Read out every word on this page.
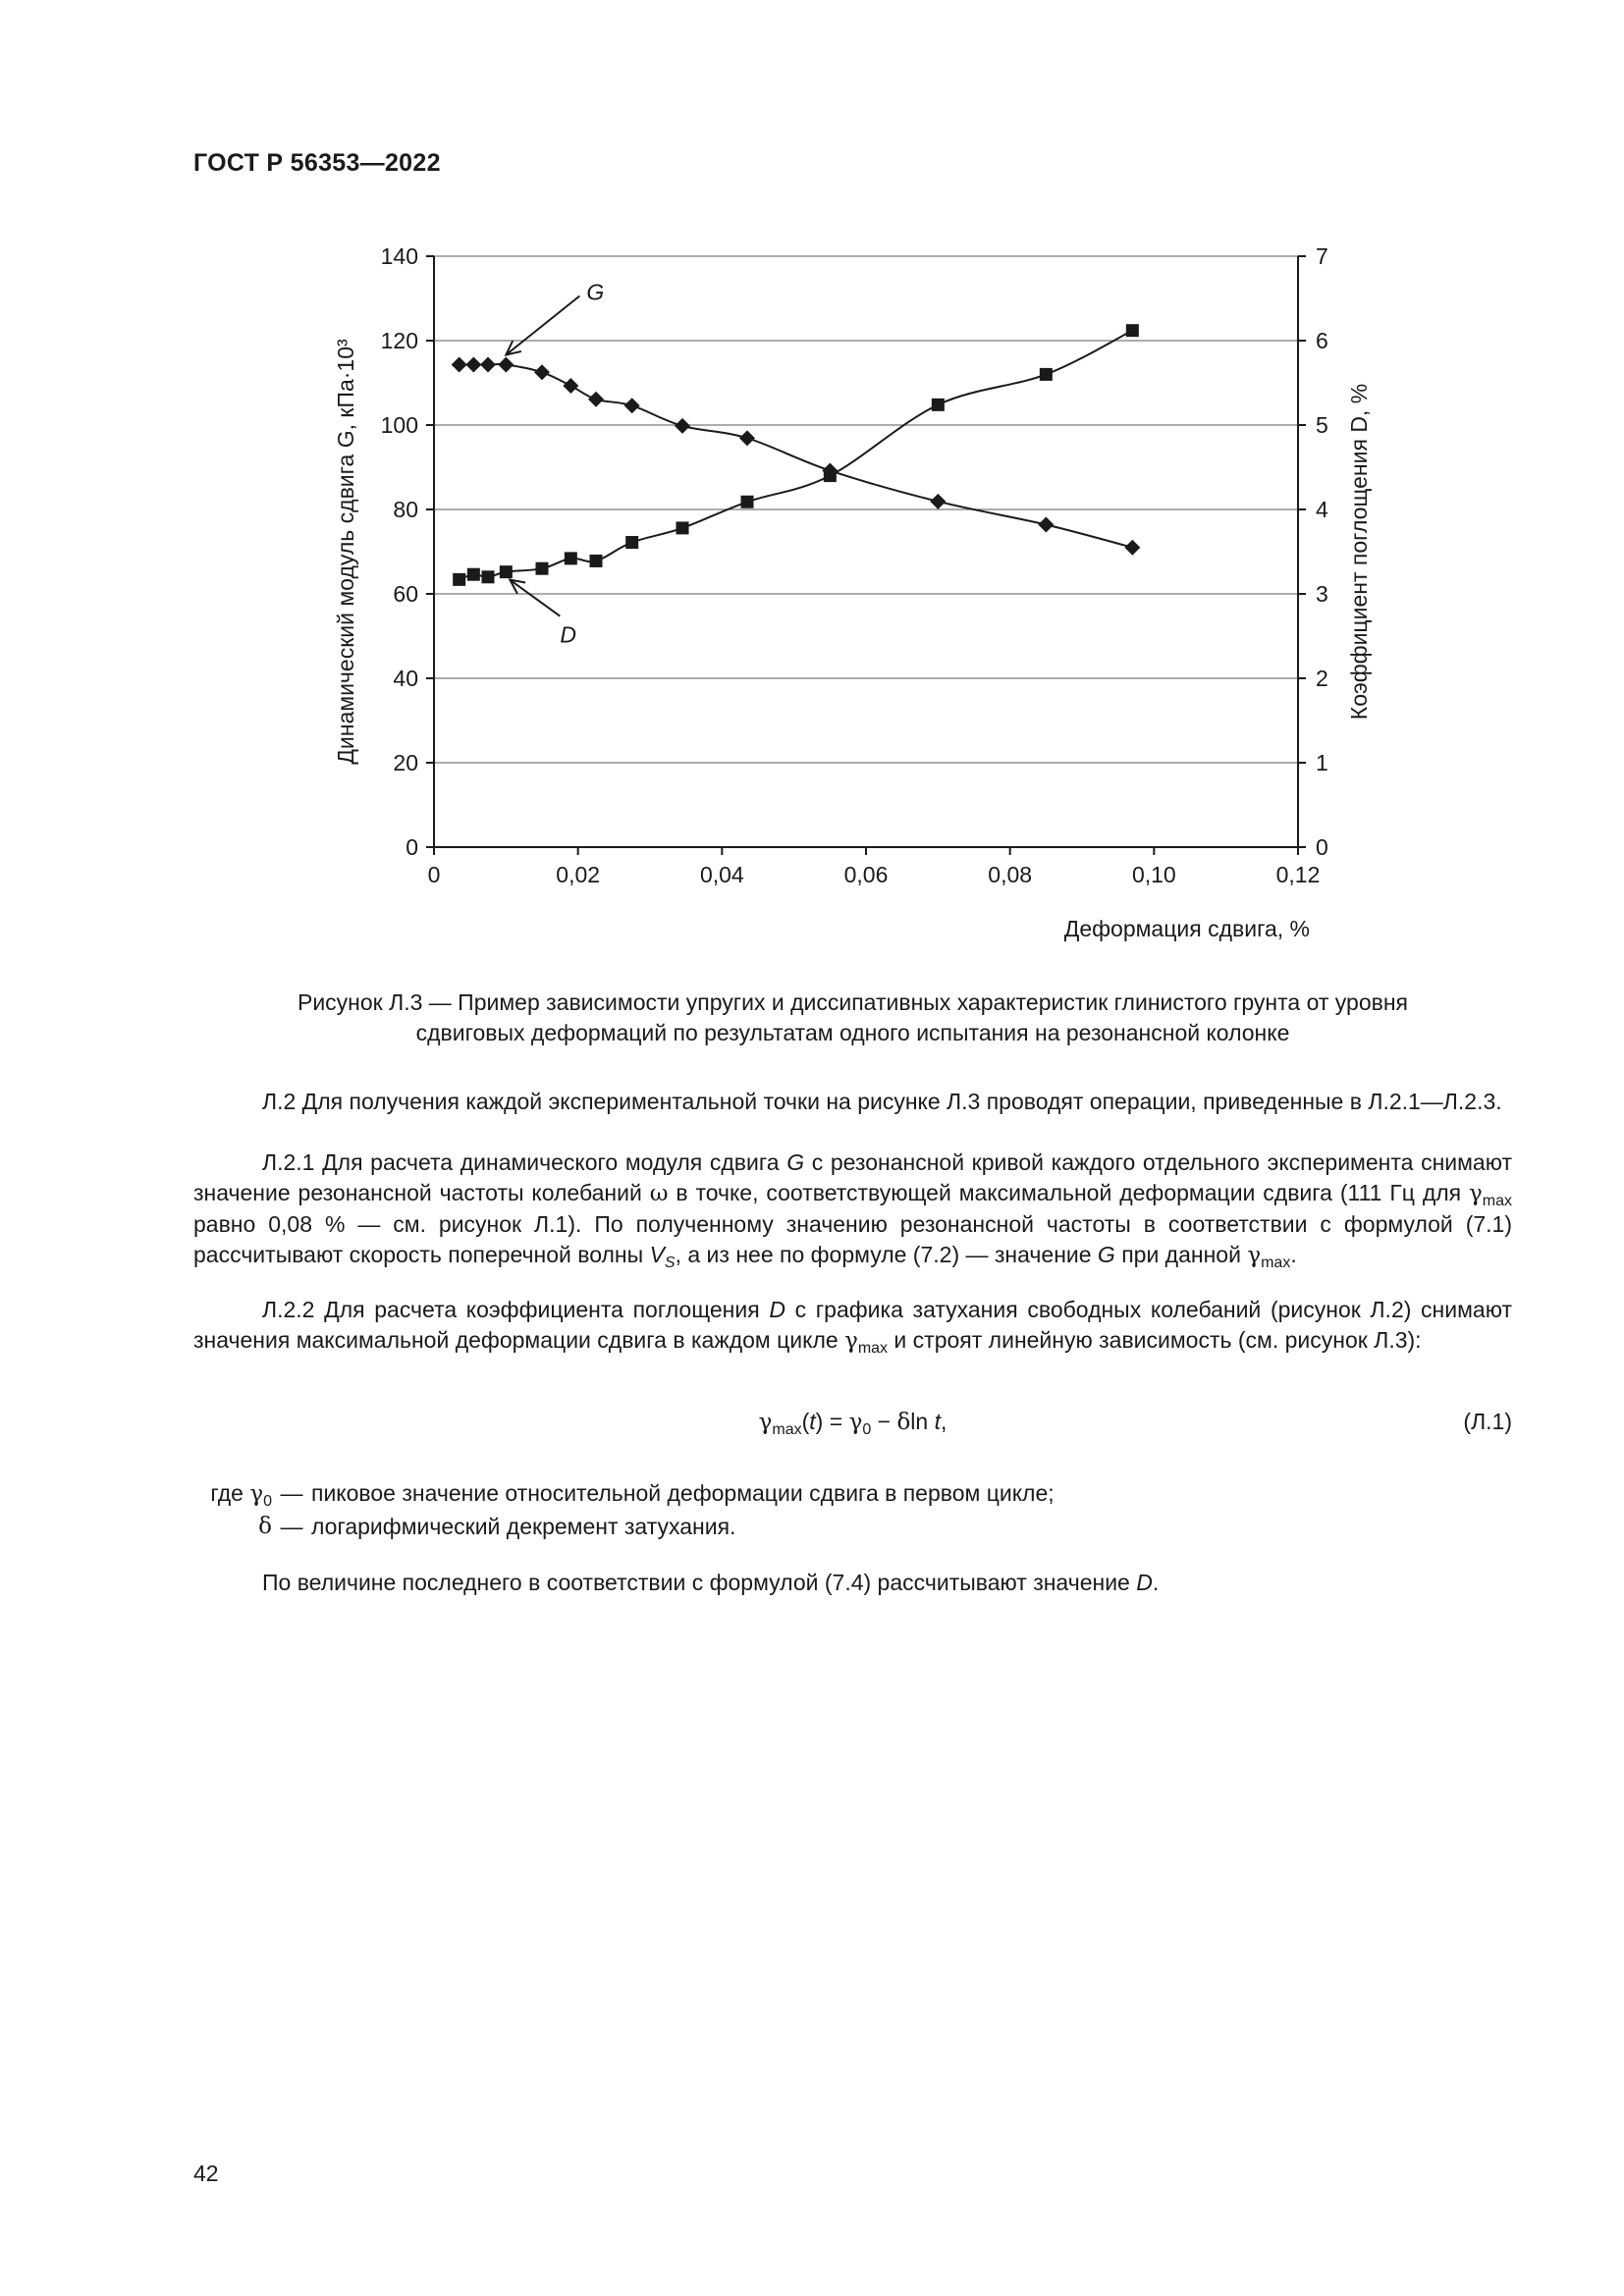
ГОСТ Р 56353—2022
0
20
40
60
80
100
120
140
0
1
2
3
4
5
6
7
0	0,02	0,04	0,06	0,08	0,10	0,12
G
D
Деформация сдвига, %
Динамический модуль сдвига G, кПа·10³	Коэффициент поглощения D, %
Рисунок Л.3 — Пример зависимости упругих и диссипативных характеристик глинистого грунта от уровня
сдвиговых деформаций по результатам одного испытания на резонансной колонке

Л.2 Для получения каждой экспериментальной точки на рисунке Л.3 проводят операции, приведенные в Л.2.1—Л.2.3.

Л.2.1 Для расчета динамического модуля сдвига G с резонансной кривой каждого отдельного эксперимента снимают значение резонансной частоты колебаний ω в точке, соответствующей максимальной деформации сдвига (111 Гц для $\gamma_{max}$ равно 0,08 % — см. рисунок Л.1). По полученному значению резонансной частоты в соответствии с формулой (7.1) рассчитывают скорость поперечной волны $V_S$, а из нее по формуле (7.2) — значение G при данной $\gamma_{max}$.

Л.2.2 Для расчета коэффициента поглощения D с графика затухания свободных колебаний (рисунок Л.2) снимают значения максимальной деформации сдвига в каждом цикле $\gamma_{max}$ и строят линейную зависимость (см. рисунок Л.3):

$\gamma_{max}(t) = \gamma_0 - \delta\ln$ t,	(Л.1)
где $\gamma_0$ — пиковое значение относительной деформации сдвига в первом цикле;
δ — логарифмический декремент затухания.
По величине последнего в соответствии с формулой (7.4) рассчитывают значение D.
42
